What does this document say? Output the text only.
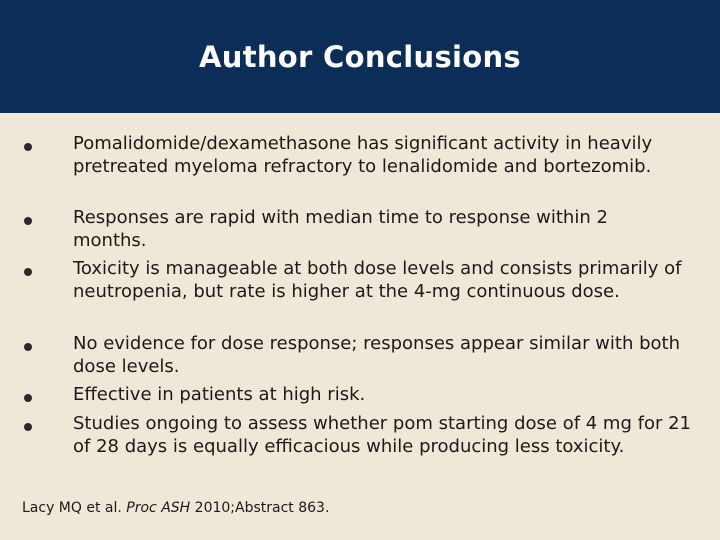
Author Conclusions
Pomalidomide/dexamethasone has significant activity in heavily pretreated myeloma refractory to lenalidomide and bortezomib.
Responses are rapid with median time to response within 2 months.
Toxicity is manageable at both dose levels and consists primarily of neutropenia, but rate is higher at the 4-mg continuous dose.
No evidence for dose response; responses appear similar with both dose levels.
Effective in patients at high risk.
Studies ongoing to assess whether pom starting dose of 4 mg for 21 of 28 days is equally efficacious while producing less toxicity.
Lacy MQ et al. Proc ASH 2010;Abstract 863.
